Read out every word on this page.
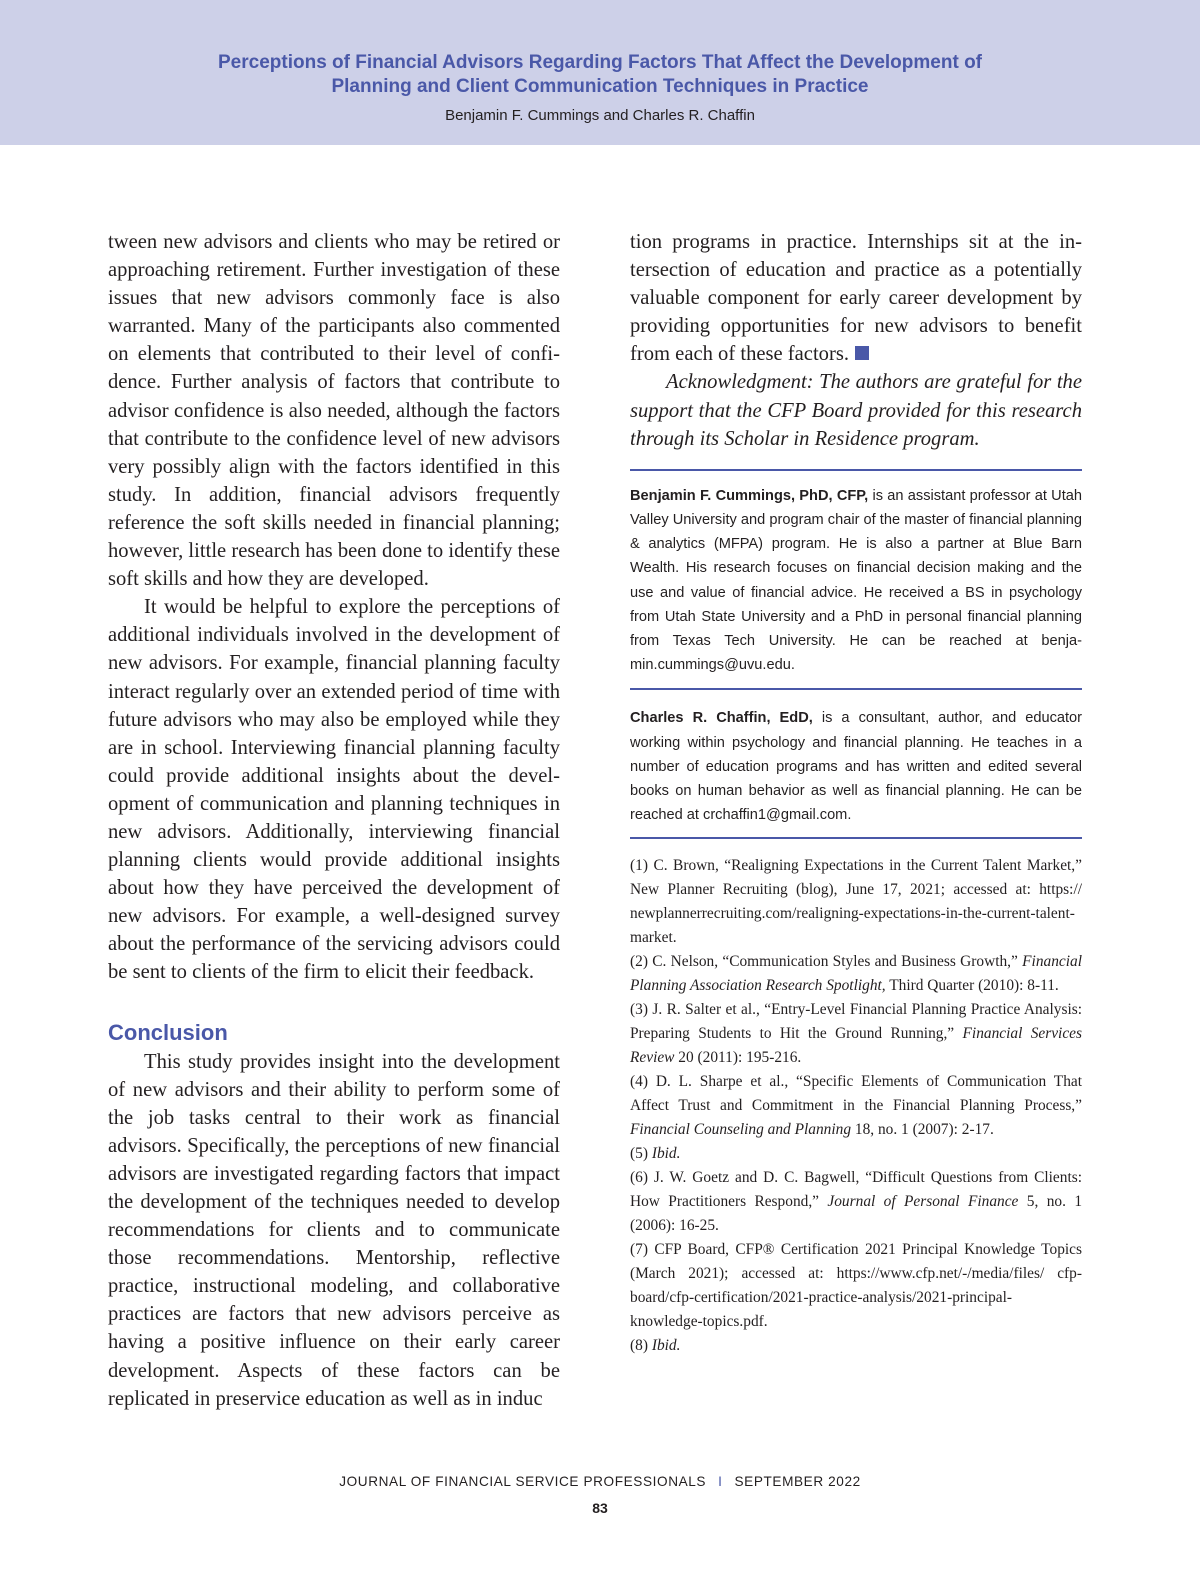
Perceptions of Financial Advisors Regarding Factors That Affect the Development of
Planning and Client Communication Techniques in Practice
Benjamin F. Cummings and Charles R. Chaffin

tween new advisors and clients who may be retired or approaching retirement. Further investigation of these issues that new advisors commonly face is also warranted. Many of the participants also commented on elements that contributed to their level of confidence. Further analysis of factors that contribute to advisor confidence is also needed, although the factors that contribute to the confidence level of new advisors very possibly align with the factors identified in this study. In addition, financial advisors frequently reference the soft skills needed in financial planning; however, little research has been done to identify these soft skills and how they are developed.

It would be helpful to explore the perceptions of additional individuals involved in the development of new advisors. For example, financial planning faculty interact regularly over an extended period of time with future advisors who may also be employed while they are in school. Interviewing financial planning faculty could provide additional insights about the development of communication and planning techniques in new advisors. Additionally, interviewing financial planning clients would provide additional insights about how they have perceived the development of new advisors. For example, a well-designed survey about the performance of the servicing advisors could be sent to clients of the firm to elicit their feedback.

Conclusion

This study provides insight into the development of new advisors and their ability to perform some of the job tasks central to their work as financial advisors. Specifically, the perceptions of new financial advisors are investigated regarding factors that impact the development of the techniques needed to develop recommendations for clients and to communicate those recommendations. Mentorship, reflective practice, instructional modeling, and collaborative practices are factors that new advisors perceive as having a positive influence on their early career development. Aspects of these factors can be replicated in preservice education as well as in induc

tion programs in practice. Internships sit at the intersection of education and practice as a potentially valuable component for early career development by providing opportunities for new advisors to benefit from each of these factors.

Acknowledgment: The authors are grateful for the support that the CFP Board provided for this research through its Scholar in Residence program.

Benjamin F. Cummings, PhD, CFP, is an assistant professor at Utah Valley University and program chair of the master of financial planning & analytics (MFPA) program. He is also a partner at Blue Barn Wealth. His research focuses on financial decision making and the use and value of financial advice. He received a BS in psychology from Utah State University and a PhD in personal financial planning from Texas Tech University. He can be reached at benjamin.cummings@uvu.edu.

Charles R. Chaffin, EdD, is a consultant, author, and educator working within psychology and financial planning. He teaches in a number of education programs and has written and edited several books on human behavior as well as financial planning. He can be reached at crchaffin1@gmail.com.

(1) C. Brown, “Realigning Expectations in the Current Talent Market,” New Planner Recruiting (blog), June 17, 2021; accessed at: https:// newplannerrecruiting.com/realigning-expectations-in-the-current-talent-market.

(2) C. Nelson, “Communication Styles and Business Growth,” Financial Planning Association Research Spotlight, Third Quarter (2010): 8-11.

(3) J. R. Salter et al., “Entry-Level Financial Planning Practice Analysis: Preparing Students to Hit the Ground Running,” Financial Services Review 20 (2011): 195-216.

(4) D. L. Sharpe et al., “Specific Elements of Communication That Affect Trust and Commitment in the Financial Planning Process,” Financial Counseling and Planning 18, no. 1 (2007): 2-17.

(5) Ibid.

(6) J. W. Goetz and D. C. Bagwell, “Difficult Questions from Clients: How Practitioners Respond,” Journal of Personal Finance 5, no. 1 (2006): 16-25.

(7) CFP Board, CFP® Certification 2021 Principal Knowledge Topics (March 2021); accessed at: https://www.cfp.net/-/media/files/ cfp-board/cfp-certification/2021-practice-analysis/2021-principal-knowledge-topics.pdf.

(8) Ibid.

JOURNAL OF FINANCIAL SERVICE PROFESSIONALS I SEPTEMBER 2022
83
